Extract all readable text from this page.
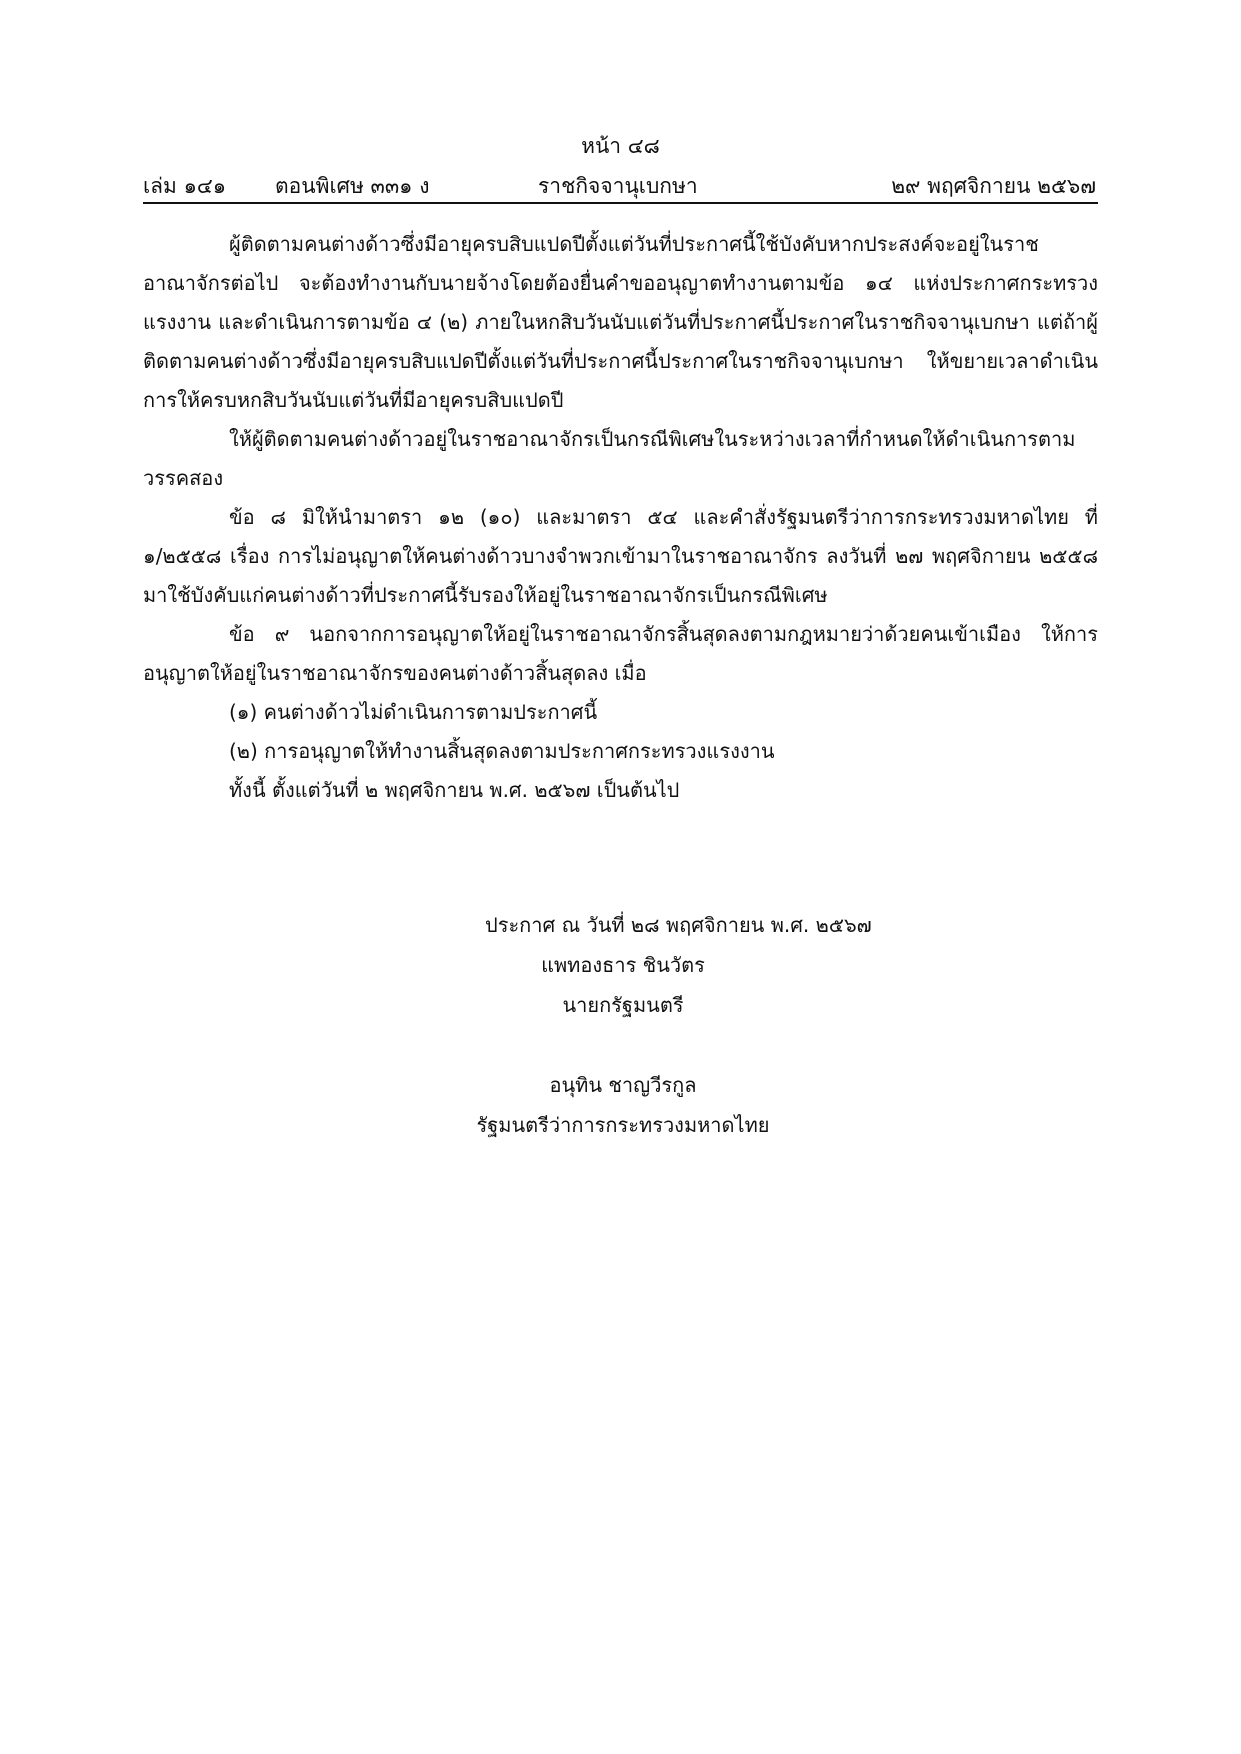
หน้า ๔๘
เล่ม ๑๔๑ ตอนพิเศษ ๓๓๑ ง	ราชกิจจานุเบกษา	๒๙ พฤศจิกายน ๒๕๖๗

ผู้ติดตามคนต่างด้าวซึ่งมีอายุครบสิบแปดปีตั้งแต่วันที่ประกาศนี้ใช้บังคับหากประสงค์จะอยู่ในราชอาณาจักรต่อไป จะต้องทำงานกับนายจ้างโดยต้องยื่นคำขออนุญาตทำงานตามข้อ ๑๔ แห่งประกาศกระทรวงแรงงาน และดำเนินการตามข้อ ๔ (๒) ภายในหกสิบวันนับแต่วันที่ประกาศนี้ประกาศในราชกิจจานุเบกษา แต่ถ้าผู้ติดตามคนต่างด้าวซึ่งมีอายุครบสิบแปดปีตั้งแต่วันที่ประกาศนี้ประกาศในราชกิจจานุเบกษา ให้ขยายเวลาดำเนินการให้ครบหกสิบวันนับแต่วันที่มีอายุครบสิบแปดปี

ให้ผู้ติดตามคนต่างด้าวอยู่ในราชอาณาจักรเป็นกรณีพิเศษในระหว่างเวลาที่กำหนดให้ดำเนินการตามวรรคสอง

ข้อ ๘ มิให้นำมาตรา ๑๒ (๑๐) และมาตรา ๕๔ และคำสั่งรัฐมนตรีว่าการกระทรวงมหาดไทย ที่ ๑/๒๕๕๘ เรื่อง การไม่อนุญาตให้คนต่างด้าวบางจำพวกเข้ามาในราชอาณาจักร ลงวันที่ ๒๗ พฤศจิกายน ๒๕๕๘ มาใช้บังคับแก่คนต่างด้าวที่ประกาศนี้รับรองให้อยู่ในราชอาณาจักรเป็นกรณีพิเศษ

ข้อ ๙ นอกจากการอนุญาตให้อยู่ในราชอาณาจักรสิ้นสุดลงตามกฎหมายว่าด้วยคนเข้าเมือง ให้การอนุญาตให้อยู่ในราชอาณาจักรของคนต่างด้าวสิ้นสุดลง เมื่อ

(๑) คนต่างด้าวไม่ดำเนินการตามประกาศนี้

(๒) การอนุญาตให้ทำงานสิ้นสุดลงตามประกาศกระทรวงแรงงาน

ทั้งนี้ ตั้งแต่วันที่ ๒ พฤศจิกายน พ.ศ. ๒๕๖๗ เป็นต้นไป

ประกาศ ณ วันที่ ๒๘ พฤศจิกายน พ.ศ. ๒๕๖๗
แพทองธาร ชินวัตร
นายกรัฐมนตรี
อนุทิน ชาญวีรกูล
รัฐมนตรีว่าการกระทรวงมหาดไทย
